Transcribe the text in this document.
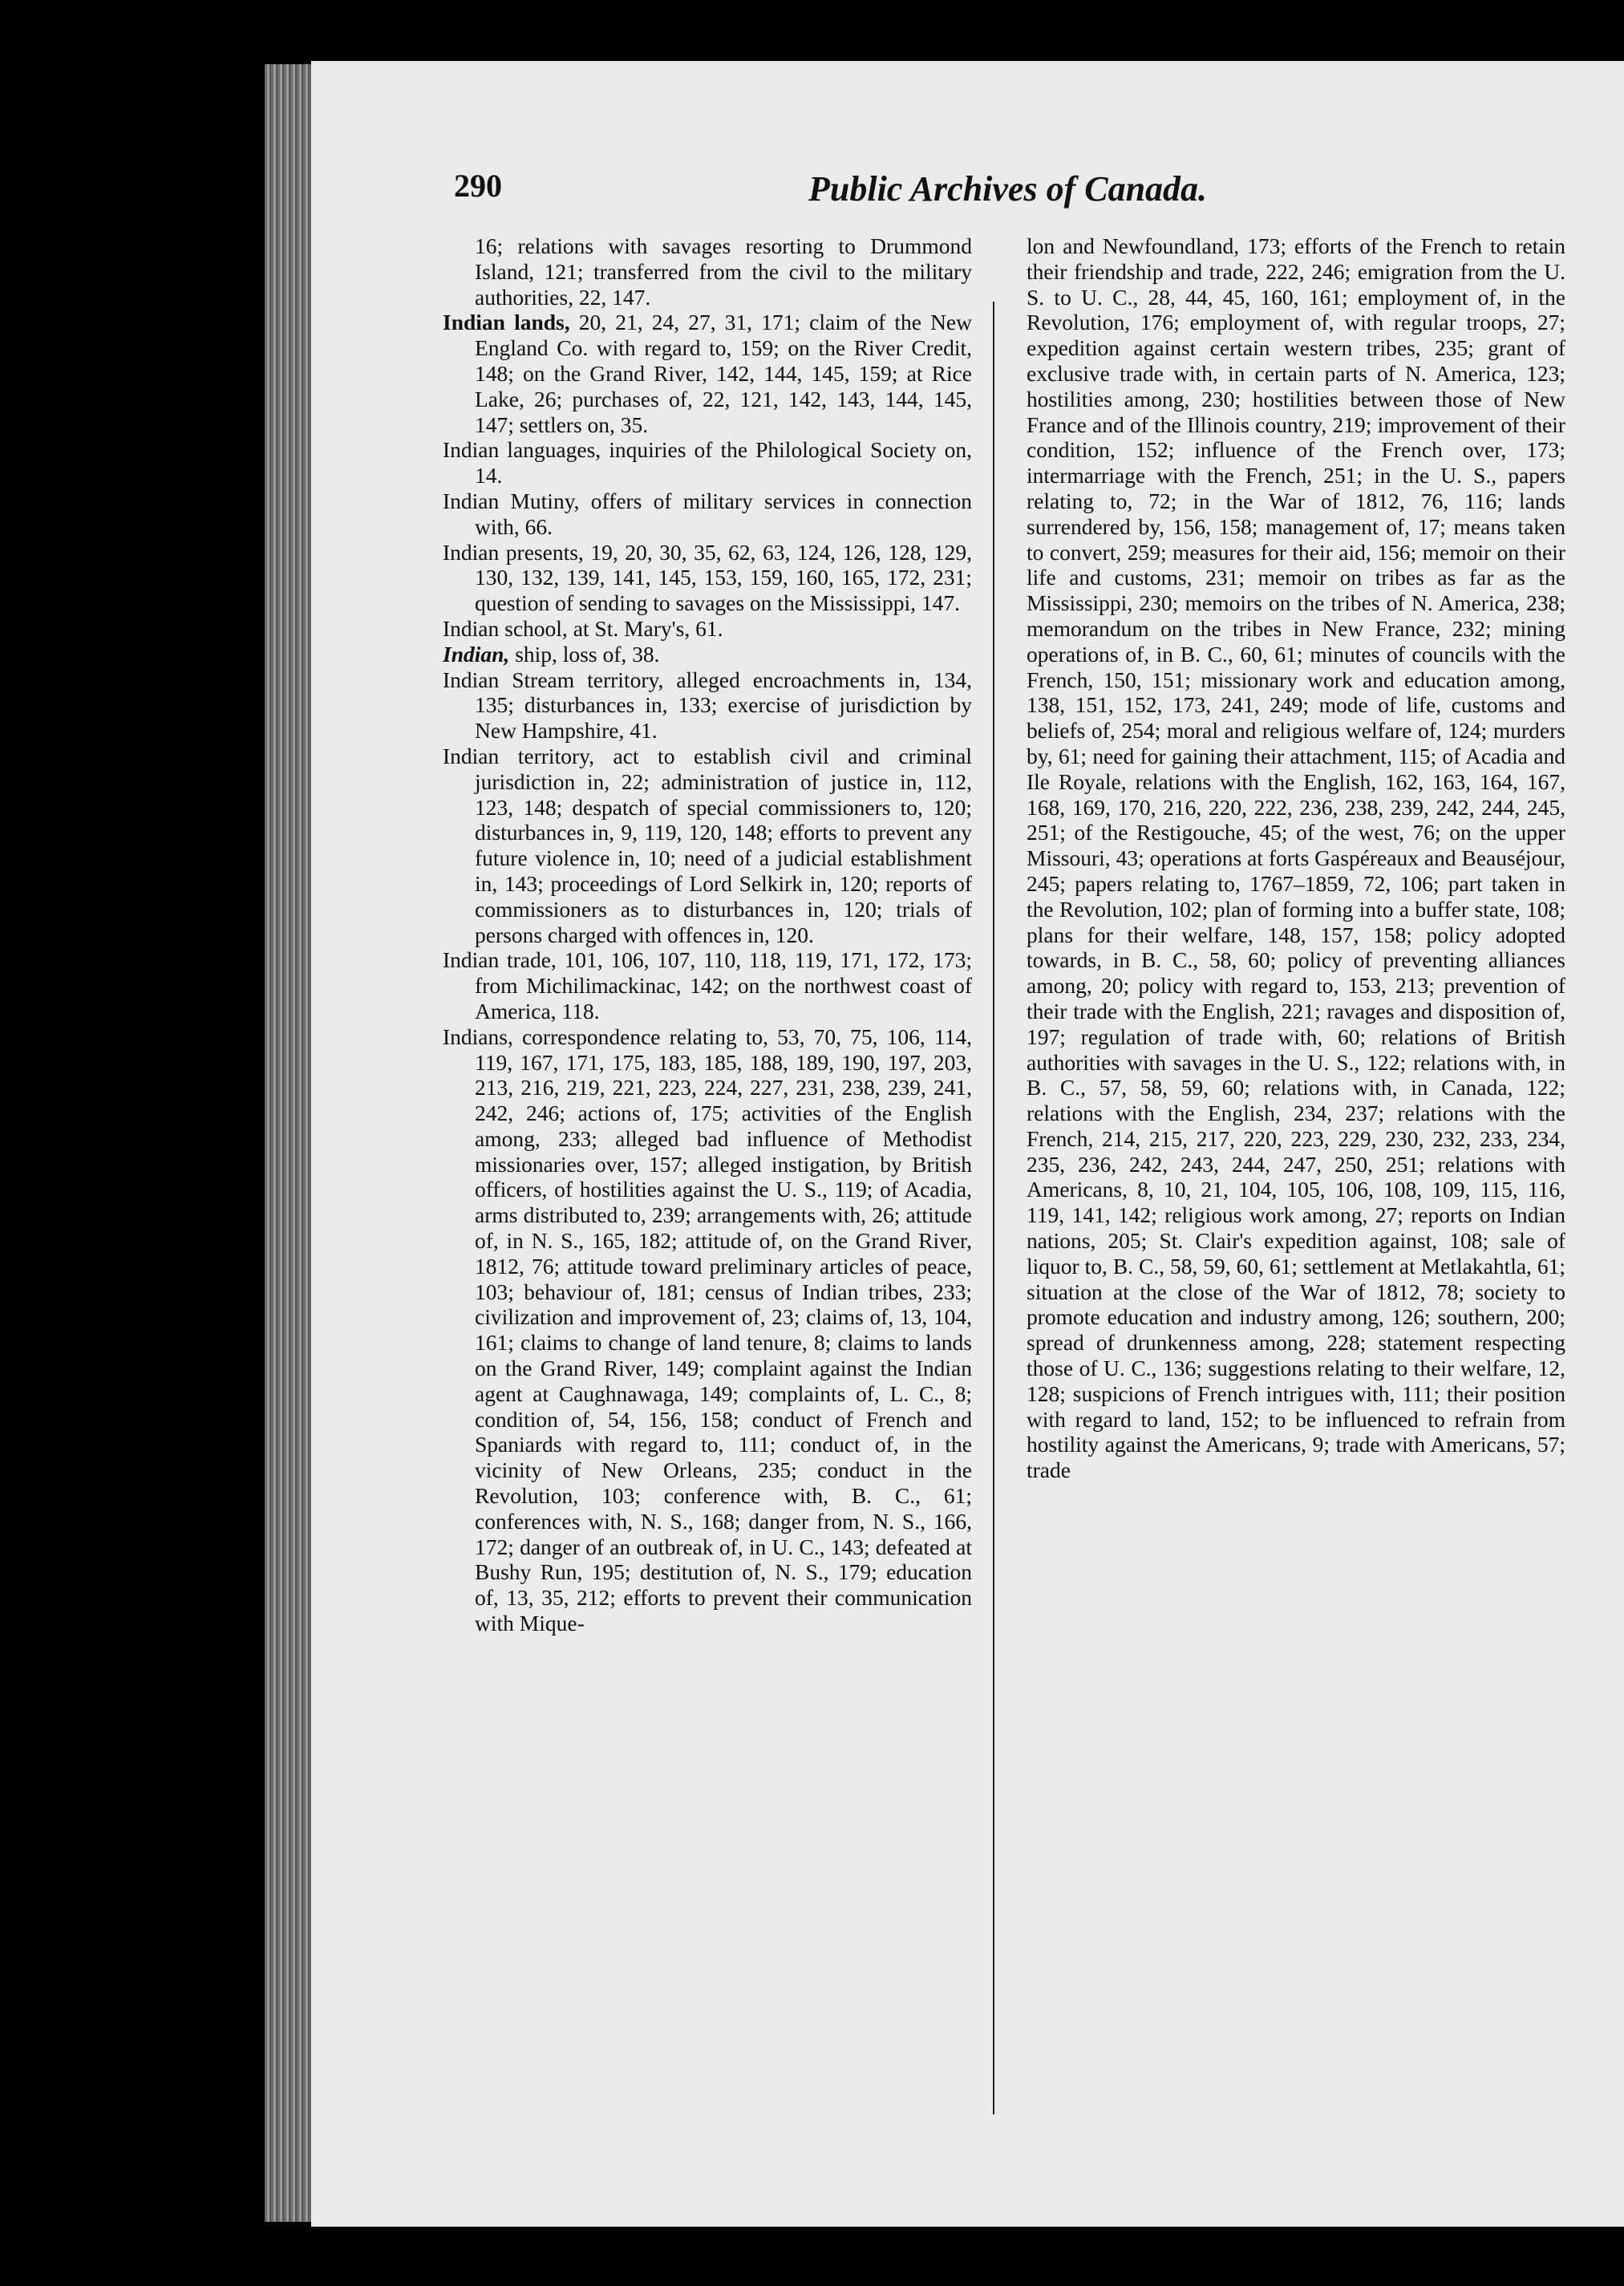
290	Public Archives of Canada.

16; relations with savages resorting to Drummond Island, 121; transferred from the civil to the military authorities, 22, 147.

Indian lands, 20, 21, 24, 27, 31, 171; claim of the New England Co. with regard to, 159; on the River Credit, 148; on the Grand River, 142, 144, 145, 159; at Rice Lake, 26; purchases of, 22, 121, 142, 143, 144, 145, 147; settlers on, 35.

Indian languages, inquiries of the Philological Society on, 14.

Indian Mutiny, offers of military services in connection with, 66.

Indian presents, 19, 20, 30, 35, 62, 63, 124, 126, 128, 129, 130, 132, 139, 141, 145, 153, 159, 160, 165, 172, 231; question of sending to savages on the Mississippi, 147.

Indian school, at St. Mary's, 61.

Indian, ship, loss of, 38.

Indian Stream territory, alleged encroachments in, 134, 135; disturbances in, 133; exercise of jurisdiction by New Hampshire, 41.

Indian territory, act to establish civil and criminal jurisdiction in, 22; administration of justice in, 112, 123, 148; despatch of special commissioners to, 120; disturbances in, 9, 119, 120, 148; efforts to prevent any future violence in, 10; need of a judicial establishment in, 143; proceedings of Lord Selkirk in, 120; reports of commissioners as to disturbances in, 120; trials of persons charged with offences in, 120.

Indian trade, 101, 106, 107, 110, 118, 119, 171, 172, 173; from Michilimackinac, 142; on the northwest coast of America, 118.

Indians, correspondence relating to, 53, 70, 75, 106, 114, 119, 167, 171, 175, 183, 185, 188, 189, 190, 197, 203, 213, 216, 219, 221, 223, 224, 227, 231, 238, 239, 241, 242, 246; actions of, 175; activities of the English among, 233; alleged bad influence of Methodist missionaries over, 157; alleged instigation, by British officers, of hostilities against the U. S., 119; of Acadia, arms distributed to, 239; arrangements with, 26; attitude of, in N. S., 165, 182; attitude of, on the Grand River, 1812, 76; attitude toward preliminary articles of peace, 103; behaviour of, 181; census of Indian tribes, 233; civilization and improvement of, 23; claims of, 13, 104, 161; claims to change of land tenure, 8; claims to lands on the Grand River, 149; complaint against the Indian agent at Caughnawaga, 149; complaints of, L. C., 8; condition of, 54, 156, 158; conduct of French and Spaniards with regard to, 111; conduct of, in the vicinity of New Orleans, 235; conduct in the Revolution, 103; conference with, B. C., 61; conferences with, N. S., 168; danger from, N. S., 166, 172; danger of an outbreak of, in U. C., 143; defeated at Bushy Run, 195; destitution of, N. S., 179; education of, 13, 35, 212; efforts to prevent their communication with Mique-

lon and Newfoundland, 173; efforts of the French to retain their friendship and trade, 222, 246; emigration from the U. S. to U. C., 28, 44, 45, 160, 161; employment of, in the Revolution, 176; employment of, with regular troops, 27; expedition against certain western tribes, 235; grant of exclusive trade with, in certain parts of N. America, 123; hostilities among, 230; hostilities between those of New France and of the Illinois country, 219; improvement of their condition, 152; influence of the French over, 173; intermarriage with the French, 251; in the U. S., papers relating to, 72; in the War of 1812, 76, 116; lands surrendered by, 156, 158; management of, 17; means taken to convert, 259; measures for their aid, 156; memoir on their life and customs, 231; memoir on tribes as far as the Mississippi, 230; memoirs on the tribes of N. America, 238; memorandum on the tribes in New France, 232; mining operations of, in B. C., 60, 61; minutes of councils with the French, 150, 151; missionary work and education among, 138, 151, 152, 173, 241, 249; mode of life, customs and beliefs of, 254; moral and religious welfare of, 124; murders by, 61; need for gaining their attachment, 115; of Acadia and Ile Royale, relations with the English, 162, 163, 164, 167, 168, 169, 170, 216, 220, 222, 236, 238, 239, 242, 244, 245, 251; of the Restigouche, 45; of the west, 76; on the upper Missouri, 43; operations at forts Gaspéreaux and Beauséjour, 245; papers relating to, 1767–1859, 72, 106; part taken in the Revolution, 102; plan of forming into a buffer state, 108; plans for their welfare, 148, 157, 158; policy adopted towards, in B. C., 58, 60; policy of preventing alliances among, 20; policy with regard to, 153, 213; prevention of their trade with the English, 221; ravages and disposition of, 197; regulation of trade with, 60; relations of British authorities with savages in the U. S., 122; relations with, in B. C., 57, 58, 59, 60; relations with, in Canada, 122; relations with the English, 234, 237; relations with the French, 214, 215, 217, 220, 223, 229, 230, 232, 233, 234, 235, 236, 242, 243, 244, 247, 250, 251; relations with Americans, 8, 10, 21, 104, 105, 106, 108, 109, 115, 116, 119, 141, 142; religious work among, 27; reports on Indian nations, 205; St. Clair's expedition against, 108; sale of liquor to, B. C., 58, 59, 60, 61; settlement at Metlakahtla, 61; situation at the close of the War of 1812, 78; society to promote education and industry among, 126; southern, 200; spread of drunkenness among, 228; statement respecting those of U. C., 136; suggestions relating to their welfare, 12, 128; suspicions of French intrigues with, 111; their position with regard to land, 152; to be influenced to refrain from hostility against the Americans, 9; trade with Americans, 57; trade
